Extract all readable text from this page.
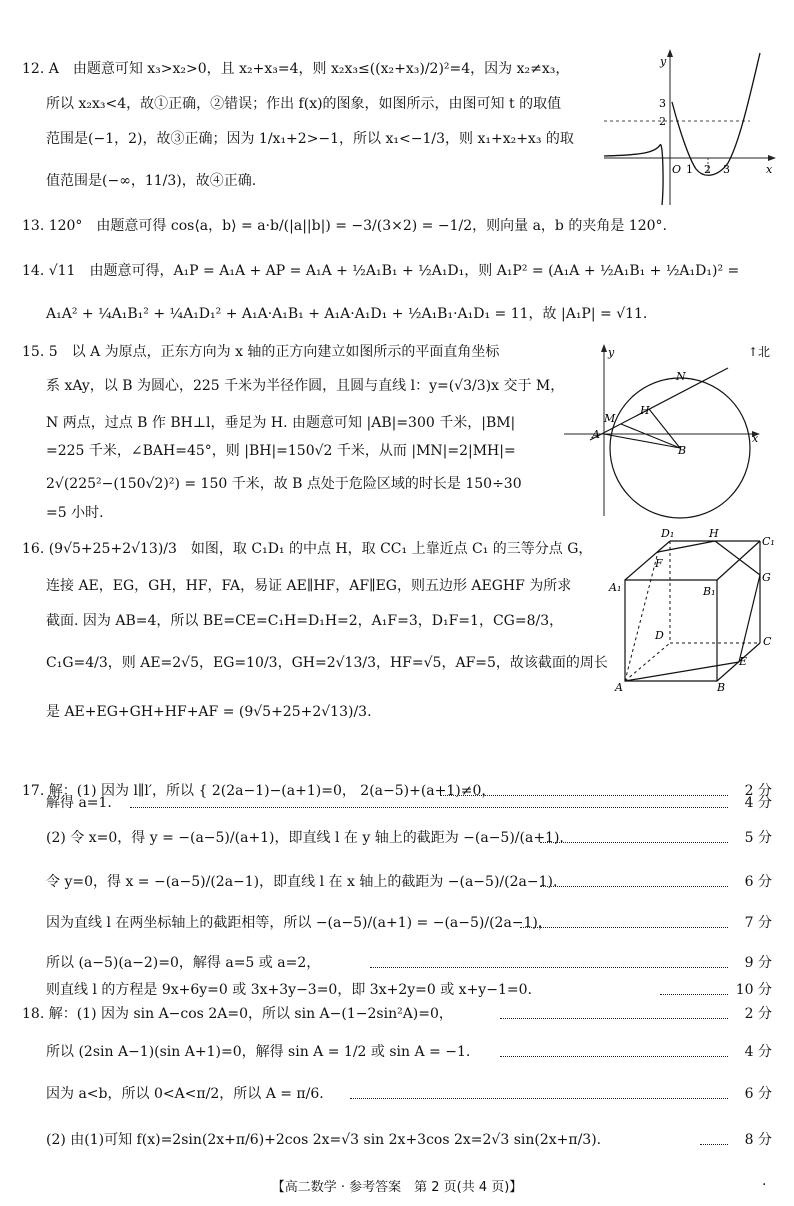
12. A　由题意可知 x₃>x₂>0，且 x₂+x₃=4，则 x₂x₃≤((x₂+x₃)/2)²=4，因为 x₂≠x₃，
所以 x₂x₃<4，故①正确，②错误；作出 f(x)的图象，如图所示，由图可知 t 的取值
范围是(−1，2)，故③正确；因为 1/x₁+2>−1，所以 x₁<−1/3，则 x₁+x₂+x₃ 的取
值范围是(−∞，11/3)，故④正确.
y
x
3
2
O 1 2 3
13. 120°　由题意可得 cos⟨a，b⟩ = a·b/(|a||b|) = −3/(3×2) = −1/2，则向量 a，b 的夹角是 120°.
14. √11　由题意可得，A₁P = A₁A + AP = A₁A + ½A₁B₁ + ½A₁D₁，则 A₁P² = (A₁A + ½A₁B₁ + ½A₁D₁)² =
A₁A² + ¼A₁B₁² + ¼A₁D₁² + A₁A·A₁B₁ + A₁A·A₁D₁ + ½A₁B₁·A₁D₁ = 11，故 |A₁P| = √11.
15. 5　以 A 为原点，正东方向为 x 轴的正方向建立如图所示的平面直角坐标
系 xAy，以 B 为圆心，225 千米为半径作圆，且圆与直线 l：y=(√3/3)x 交于 M，
N 两点，过点 B 作 BH⊥l，垂足为 H. 由题意可知 |AB|=300 千米，|BM|
=225 千米，∠BAH=45°，则 |BH|=150√2 千米，从而 |MN|=2|MH|=
2√(225²−(150√2)²) = 150 千米，故 B 点处于危险区域的时长是 150÷30
=5 小时.
↑北
y
x
N
M
H
A
B
16. (9√5+25+2√13)/3　如图，取 C₁D₁ 的中点 H，取 CC₁ 上靠近点 C₁ 的三等分点 G，
连接 AE，EG，GH，HF，FA，易证 AE∥HF，AF∥EG，则五边形 AEGHF 为所求
截面. 因为 AB=4，所以 BE=CE=C₁H=D₁H=2，A₁F=3，D₁F=1，CG=8/3，
C₁G=4/3，则 AE=2√5，EG=10/3，GH=2√13/3，HF=√5，AF=5，故该截面的周长
是 AE+EG+GH+HF+AF = (9√5+25+2√13)/3.
D₁	H
C₁
F
A₁	B₁
G
D	C
E
A	B
17. 解：(1) 因为 l∥l′，所以 { 2(2a−1)−(a+1)=0， 2(a−5)+(a+1)≠0，	2 分
解得 a=1.	4 分
(2) 令 x=0，得 y = −(a−5)/(a+1)，即直线 l 在 y 轴上的截距为 −(a−5)/(a+1).	5 分
令 y=0，得 x = −(a−5)/(2a−1)，即直线 l 在 x 轴上的截距为 −(a−5)/(2a−1).	6 分
因为直线 l 在两坐标轴上的截距相等，所以 −(a−5)/(a+1) = −(a−5)/(2a−1)，	7 分
所以 (a−5)(a−2)=0，解得 a=5 或 a=2，	9 分
则直线 l 的方程是 9x+6y=0 或 3x+3y−3=0，即 3x+2y=0 或 x+y−1=0.	10 分
18. 解：(1) 因为 sin A−cos 2A=0，所以 sin A−(1−2sin²A)=0，	2 分
所以 (2sin A−1)(sin A+1)=0，解得 sin A = 1/2 或 sin A = −1.	4 分
因为 a<b，所以 0<A<π/2，所以 A = π/6.	6 分
(2) 由(1)可知 f(x)=2sin(2x+π/6)+2cos 2x=√3 sin 2x+3cos 2x=2√3 sin(2x+π/3).	8 分
【高二数学 · 参考答案　第 2 页(共 4 页)】	·
